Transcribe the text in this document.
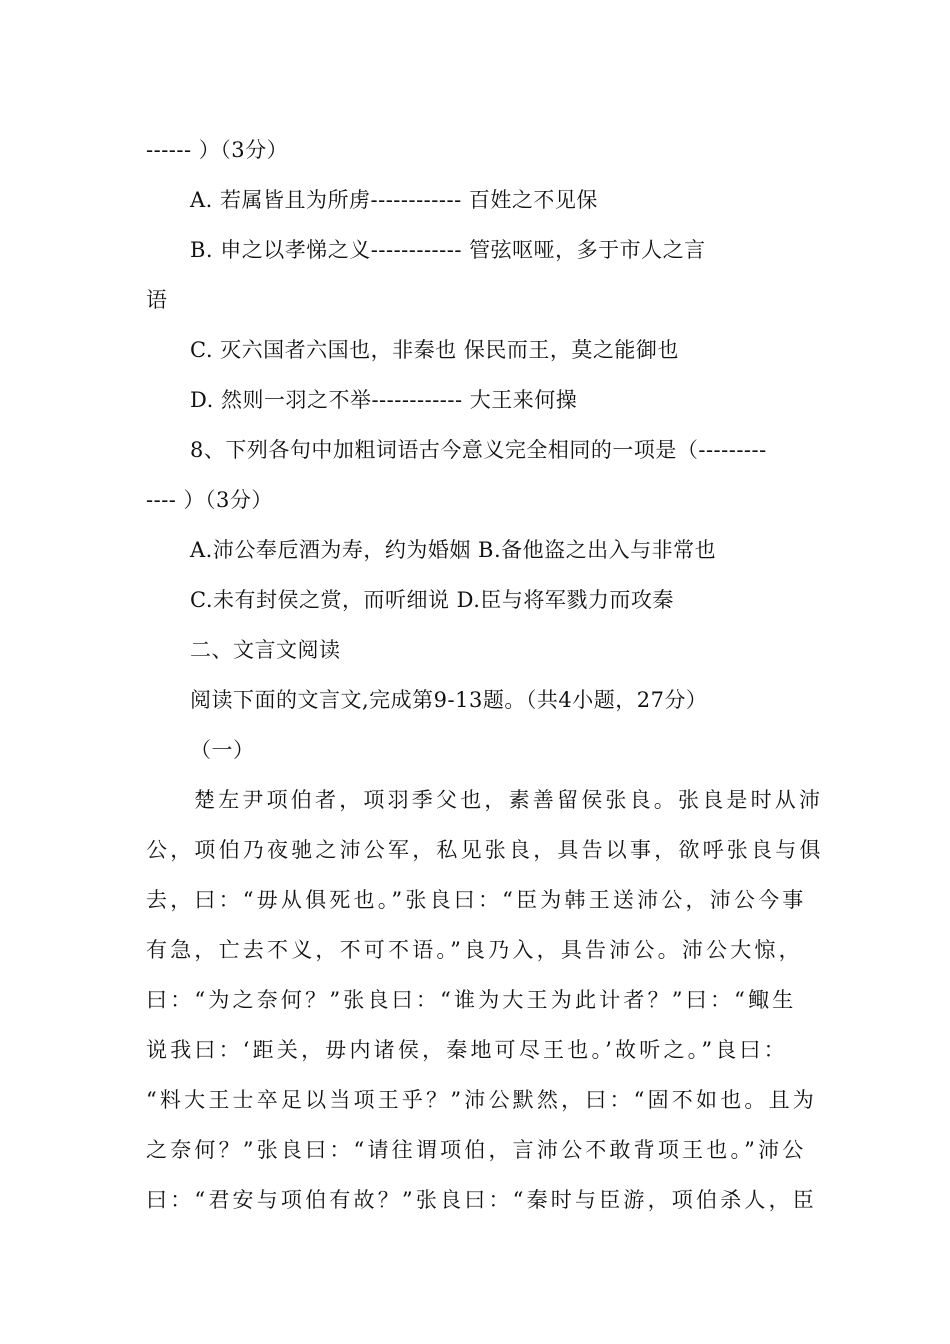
------ ）（3分）
A. 若属皆且为所虏------------ 百姓之不见保
B. 申之以孝悌之义------------ 管弦呕哑，多于市人之言
语
C. 灭六国者六国也，非秦也 保民而王，莫之能御也
D. 然则一羽之不举------------ 大王来何操
8、下列各句中加粗词语古今意义完全相同的一项是（---------
---- ）（3分）
A.沛公奉卮酒为寿，约为婚姻 B.备他盗之出入与非常也
C.未有封侯之赏，而听细说 D.臣与将军戮力而攻秦
二、文言文阅读
阅读下面的文言文,完成第9-13题。（共4小题，27分）
（一）
楚左尹项伯者，项羽季父也，素善留侯张良。张良是时从沛
公，项伯乃夜驰之沛公军，私见张良，具告以事，欲呼张良与俱
去，曰：“毋从俱死也。”张良曰：“臣为韩王送沛公，沛公今事
有急，亡去不义，不可不语。”良乃入，具告沛公。沛公大惊，
曰：“为之奈何？”张良曰：“谁为大王为此计者？”曰：“鲰生
说我曰：‘距关，毋内诸侯，秦地可尽王也。’故听之。”良曰：
“料大王士卒足以当项王乎？”沛公默然，曰：“固不如也。且为
之奈何？”张良曰：“请往谓项伯，言沛公不敢背项王也。”沛公
曰：“君安与项伯有故？”张良曰：“秦时与臣游，项伯杀人，臣
